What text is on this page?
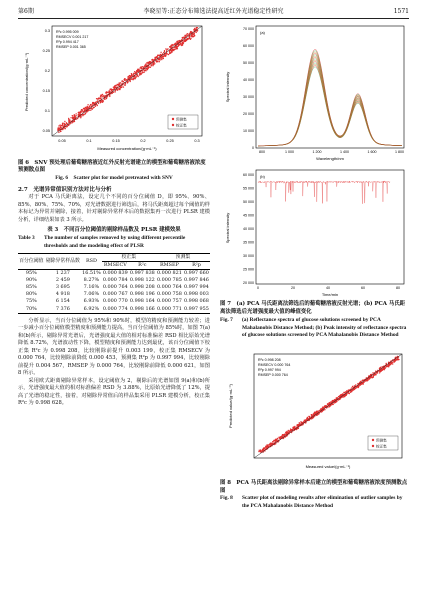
第6期	李晓星等:正态分布筛选法提高近红外光谱稳定性研究	1571
R²c 0.995 009
RMSECV 0.001 217
R²p 0.994 417
RMSEP 0.001 365
0.3
0.25
0.2
0.15
0.1
0.05
0.05	0.1	0.15	0.2	0.25	0.3
Measured concentration/(g·mL⁻¹)
Predicted concentration/(g·mL⁻¹)
预测集
校正集
图 6　SNV 预处理后葡萄糖溶液近红外反射光谱建立的模型和葡萄糖溶液浓度预测散点图
Fig. 6　Scatter plot for model pretreated with SNV
2.7　光谱异常值识别方法对比与分析
对于 PCA 马氏距离法，设定几个不同的百分位阈值 D，即 95%、90%、85%、80%、75%、70%，对光谱数据进行筛选后，将马氏距离超过每个阈值的样本标记为异常并剔除，接着，针对剔除异常样本后的数据集再一次进行 PLSR 建模分析，详细结果如表 3 所示。
表 3　不同百分位阈值的剔除样品数及 PLSR 建模效果
Table 3	The number of samples removed by using different percentile thresholds and the modeling effect of PLSR
百分位阈值	剔除异常样品数	RSD	校正集		预测集	
			RMSECV	R²c	RMSEP	R²p
95%	1 237	16.51%	0.000 839	0.997 838	0.000 821	0.997 660
90%	2 459	8.27%	0.000 784	0.998 122	0.000 785	0.997 846
85%	3 695	7.16%	0.000 764	0.998 208	0.000 764	0.997 994
80%	4 918	7.06%	0.000 767	0.998 196	0.000 758	0.998 003
75%	6 154	6.93%	0.000 770	0.998 164	0.000 757	0.998 068
70%	7 376	6.92%	0.000 774	0.998 166	0.000 771	0.997 955
分析显示，当百分位阈值为 95%和 90%时，模型的精度和预测能力较差；进一步减小百分位阈值模型精度和预测能力提高，当百分位阈值为 85%时，如图 7(a)和(b)所示，剔除异常光谱后，光谱强度最大值的相对标准偏差 RSD 相比原始光谱降低 8.72%，光谱波动性下降，模型精度和预测能力达到最优，该百分位阈值下校正集 R²c 为 0.998 208，比较刚除前提升 0.003 199，校正集 RMSECV 为 0.000 764，比较刚除前降低 0.000 453，预测集 R²p 为 0.997 994，比较刚除前提升 0.004 567，RMSEP 为 0.000 764，比较刚除前降低 0.000 621，如图 8 所示。
采用欧式距离剔除异常样本，设定阈值为 2，剔除后的光谱如图 9(a)和(b)所示，光谱强度最大值的相对标准偏差 RSD 为 3.88%，比原始光谱降低了 12%，提高了光谱的稳定性，接着，对剔除异常值后的样品集采用 PLSR 建模分析，校正集 R²c 为 0.998 628。
(a)
70 000
60 000
50 000
40 000
30 000
20 000
10 000
0
800	1 000	1 200	1 400	1 600	1 800
Wavelength/nm
Spectral intensity

(b)
60 000
55 000
50 000
45 000
40 000
35 000
30 000
25 000
20 000
0	20	40	60	80
Time/min
Spectral intensity
图 7　(a) PCA 马氏距离法筛选后的葡萄糖溶液反射光谱；(b) PCA 马氏距离法筛选后光谱强度最大值的峰值变化
Fig. 7	(a) Reflectance spectra of glucose solutions screened by PCA Mahalanobis Distance Method; (b) Peak intensity of reflectance spectra of glucose solutions screened by PCA Mahalanobis Distance Method
R²c 0.998 208
RMSECV 0.000 764
R²p 0.997 994
RMSEP 0.000 764
Measured value/(g·mL⁻¹)
Predicted value/(g·mL⁻¹)
预测集
校正集
图 8　PCA 马氏距离法剔除异常样本后建立的模型和葡萄糖溶液浓度预测散点图
Fig. 8	Scatter plot of modeling results after elimination of outlier samples by the PCA Mahalanobis Distance Method
